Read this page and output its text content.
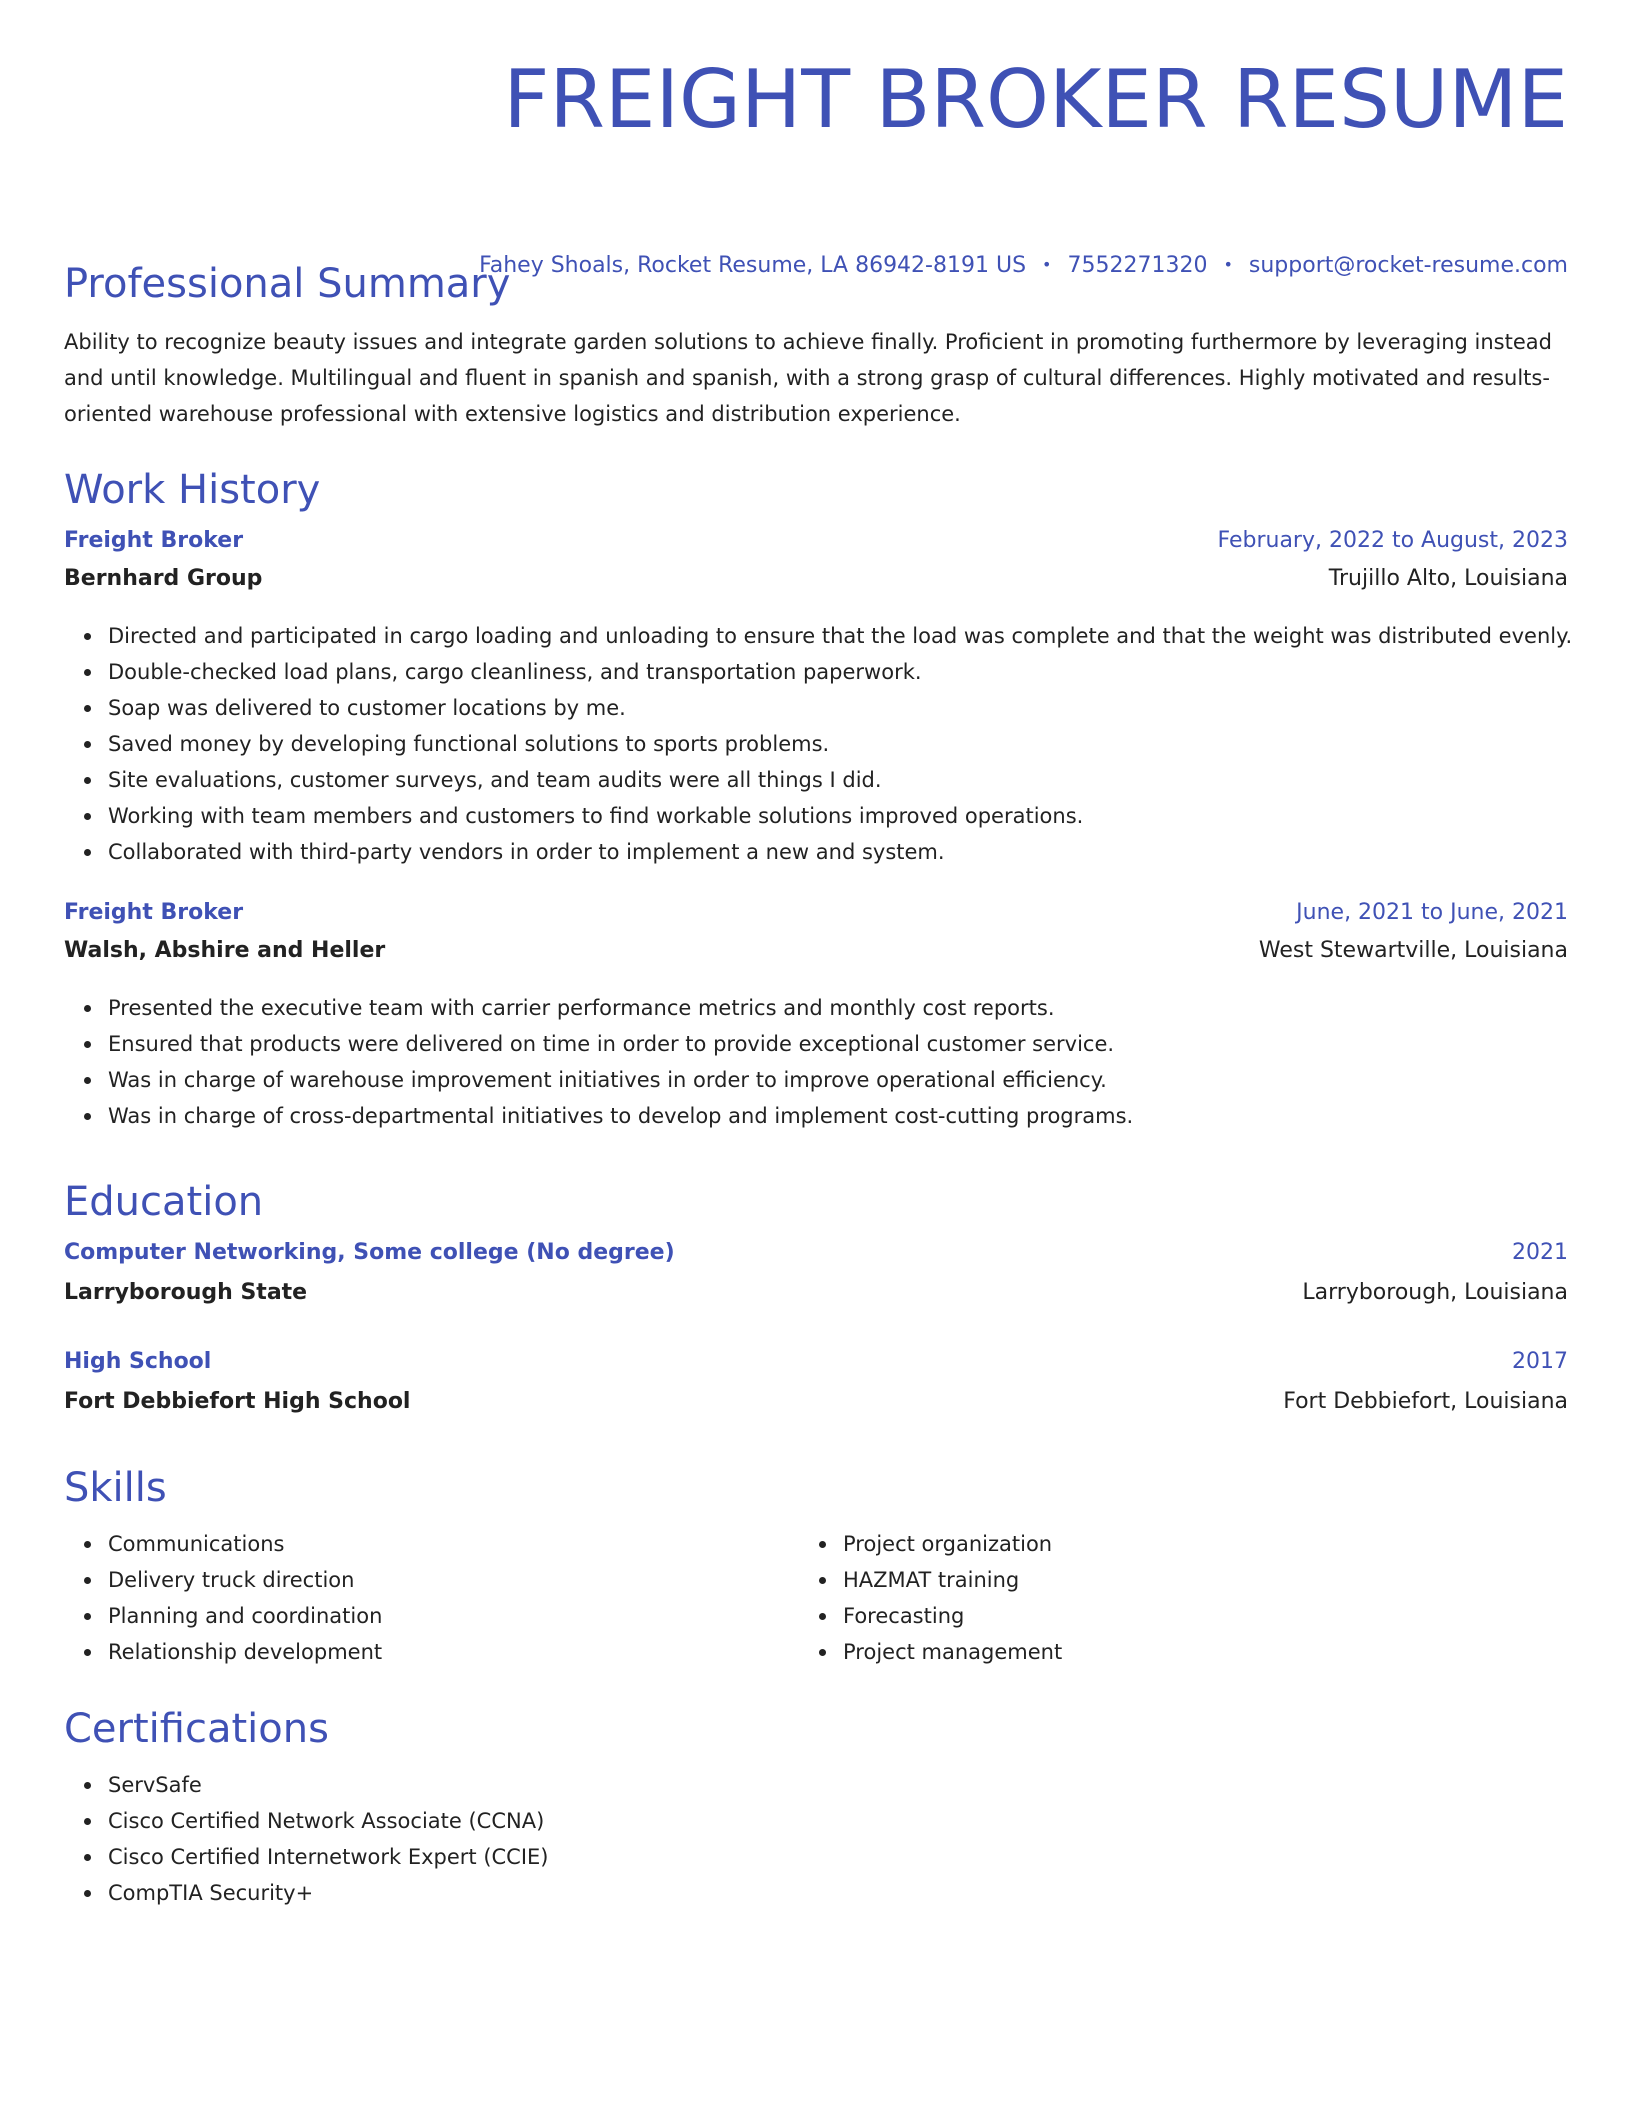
FREIGHT BROKER RESUME
Fahey Shoals, Rocket Resume, LA 86942-8191 US • 7552271320 • support@rocket-resume.com
Professional Summary

Ability to recognize beauty issues and integrate garden solutions to achieve finally. Proficient in promoting furthermore by leveraging instead and until knowledge. Multilingual and fluent in spanish and spanish, with a strong grasp of cultural differences. Highly motivated and results-oriented warehouse professional with extensive logistics and distribution experience.

Work History
Freight Broker	February, 2022 to August, 2023
Bernhard Group	Trujillo Alto, Louisiana
Directed and participated in cargo loading and unloading to ensure that the load was complete and that the weight was distributed evenly.
Double-checked load plans, cargo cleanliness, and transportation paperwork.
Soap was delivered to customer locations by me.
Saved money by developing functional solutions to sports problems.
Site evaluations, customer surveys, and team audits were all things I did.
Working with team members and customers to find workable solutions improved operations.
Collaborated with third-party vendors in order to implement a new and system.
Freight Broker	June, 2021 to June, 2021
Walsh, Abshire and Heller	West Stewartville, Louisiana
Presented the executive team with carrier performance metrics and monthly cost reports.
Ensured that products were delivered on time in order to provide exceptional customer service.
Was in charge of warehouse improvement initiatives in order to improve operational efficiency.
Was in charge of cross-departmental initiatives to develop and implement cost-cutting programs.
Education
Computer Networking, Some college (No degree)	2021
Larryborough State	Larryborough, Louisiana
High School	2017
Fort Debbiefort High School	Fort Debbiefort, Louisiana
Skills
Communications
Delivery truck direction
Planning and coordination
Relationship development
Project organization
HAZMAT training
Forecasting
Project management
Certifications
ServSafe
Cisco Certified Network Associate (CCNA)
Cisco Certified Internetwork Expert (CCIE)
CompTIA Security+
